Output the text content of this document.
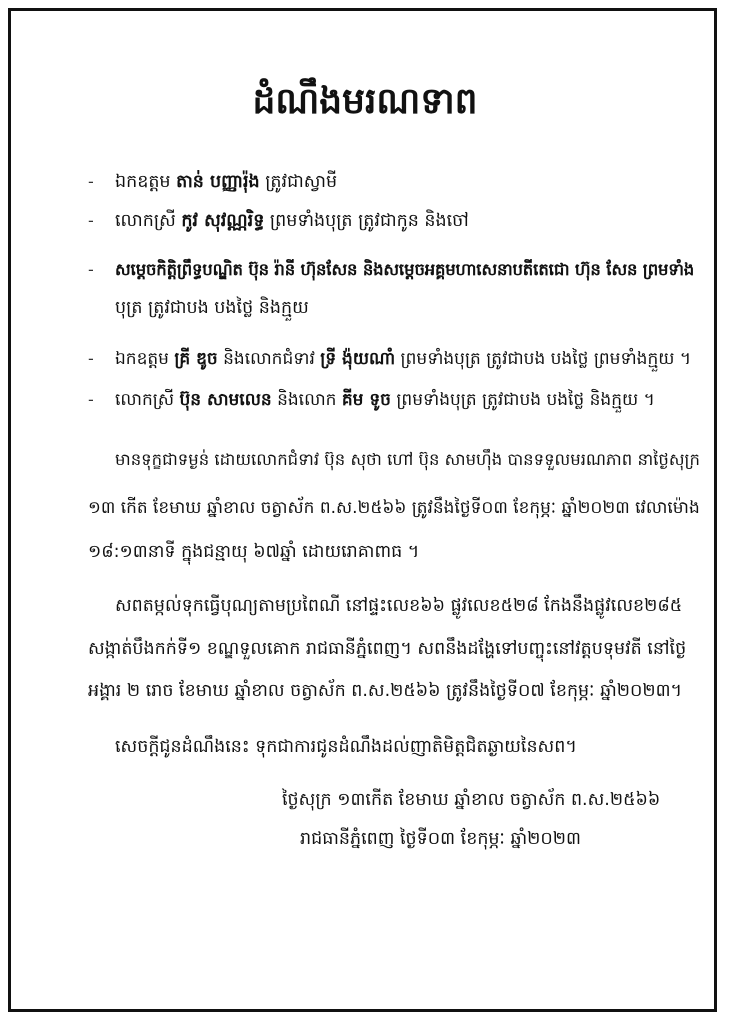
ដំណឹងមរណទាព
- ឯកឧត្តម តាន់ បញ្ញារ៉ុង ត្រូវជាស្វាមី
- លោកស្រី កូវ សុវណ្ណរិទ្ធ ព្រមទាំងបុត្រ ត្រូវជាកូន និងចៅ
- សម្ដេចកិត្តិព្រឹទ្ធបណ្ឌិត ប៊ុន រ៉ានី ហ៊ុនសែន និងសម្ដេចអគ្គមហាសេនាបតីតេជោ ហ៊ុន សែន ព្រមទាំង
បុត្រ ត្រូវជាបង បងថ្លៃ និងក្មួយ
- ឯកឧត្តម គ្រី ឌូច និងលោកជំទាវ ទ្រី ង៉ុយណាំ ព្រមទាំងបុត្រ ត្រូវជាបង បងថ្លៃ ព្រមទាំងក្មួយ ។
- លោកស្រី ប៊ុន សាមលេន និងលោក គីម ទូច ព្រមទាំងបុត្រ ត្រូវជាបង បងថ្លៃ និងក្មួយ ។
មានទុក្ខជាទម្ងន់ ដោយលោកជំទាវ ប៊ុន សុថា ហៅ ប៊ុន សាមហ៊ឹង បានទទួលមរណភាព នាថ្ងៃសុក្រ
១៣ កើត ខែមាឃ ឆ្នាំខាល ចត្វាស័ក ព.ស.២៥៦៦ ត្រូវនឹងថ្ងៃទី០៣ ខែកុម្ភៈ ឆ្នាំ២០២៣ វេលាម៉ោង
១៨:១៣នាទី ក្នុងជន្មាយុ ៦៧ឆ្នាំ ដោយរោគាពាធ ។
សពតម្កល់ទុកធ្វើបុណ្យតាមប្រពៃណី នៅផ្ទះលេខ៦៦ ផ្លូវលេខ៥២៨ កែងនឹងផ្លូវលេខ២៨៥
សង្កាត់បឹងកក់ទី១ ខណ្ឌទួលគោក រាជធានីភ្នំពេញ។ សពនឹងដង្ហែទៅបញ្ចុះនៅវត្តបទុមវតី នៅថ្ងៃ
អង្គារ ២ រោច ខែមាឃ ឆ្នាំខាល ចត្វាស័ក ព.ស.២៥៦៦ ត្រូវនឹងថ្ងៃទី០៧ ខែកុម្ភៈ ឆ្នាំ២០២៣។
សេចក្ដីជូនដំណឹងនេះ ទុកជាការជូនដំណឹងដល់ញាតិមិត្តជិតឆ្ងាយនៃសព។
ថ្ងៃសុក្រ ១៣កើត ខែមាឃ ឆ្នាំខាល ចត្វាស័ក ព.ស.២៥៦៦
រាជធានីភ្នំពេញ ថ្ងៃទី០៣ ខែកុម្ភៈ ឆ្នាំ២០២៣
